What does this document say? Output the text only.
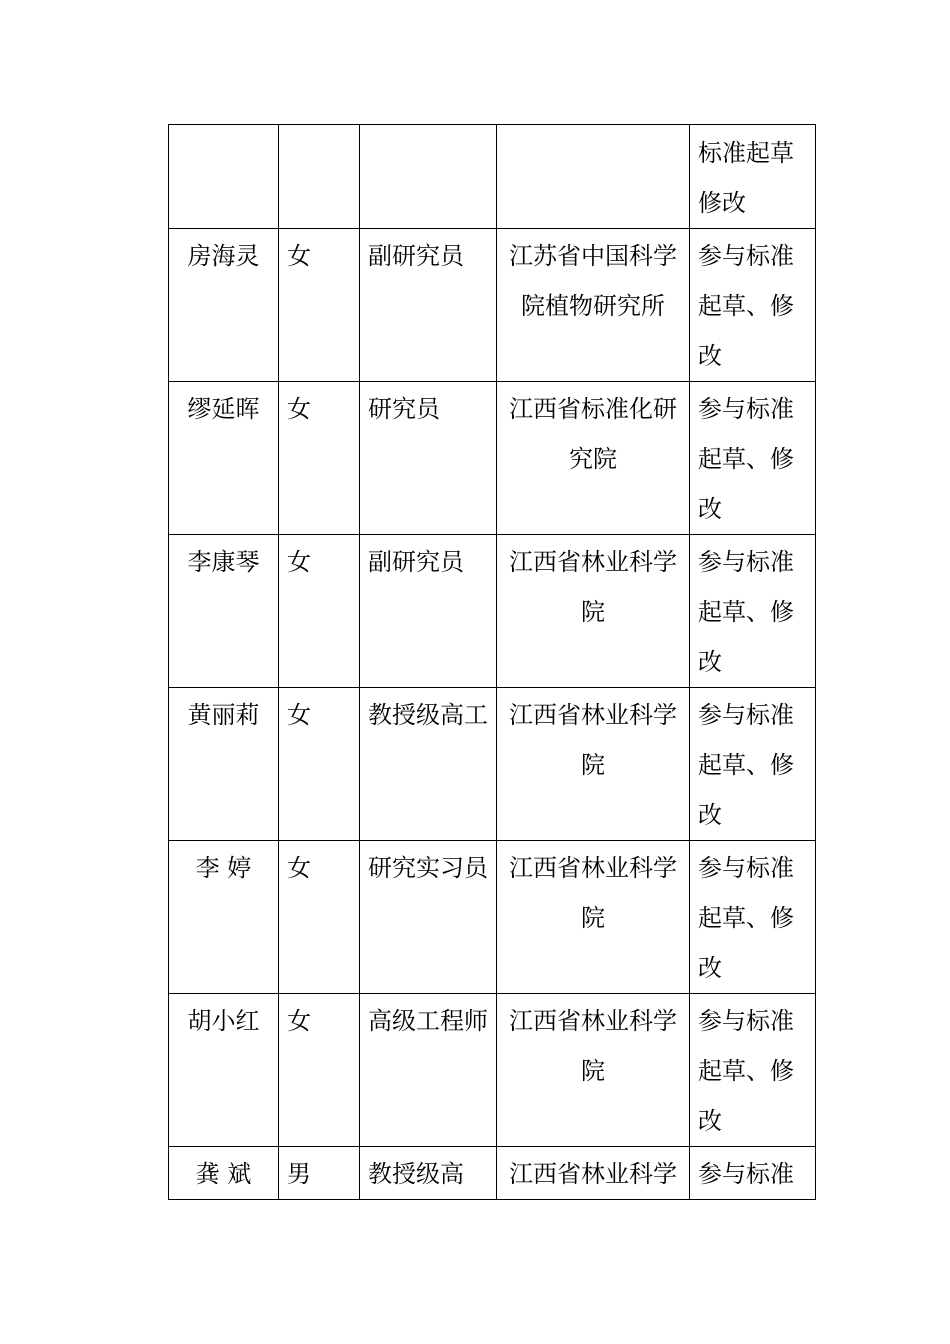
				标准起草修改

房海灵	女	副研究员	江苏省中国科学院植物研究所	参与标准起草、修改

缪延晖	女	研究员	江西省标准化研究院	参与标准起草、修改

李康琴	女	副研究员	江西省林业科学院	参与标准起草、修改

黄丽莉	女	教授级高工	江西省林业科学院	参与标准起草、修改

李 婷	女	研究实习员	江西省林业科学院	参与标准起草、修改

胡小红	女	高级工程师	江西省林业科学院	参与标准起草、修改

龚 斌	男	教授级高	江西省林业科学	参与标准
